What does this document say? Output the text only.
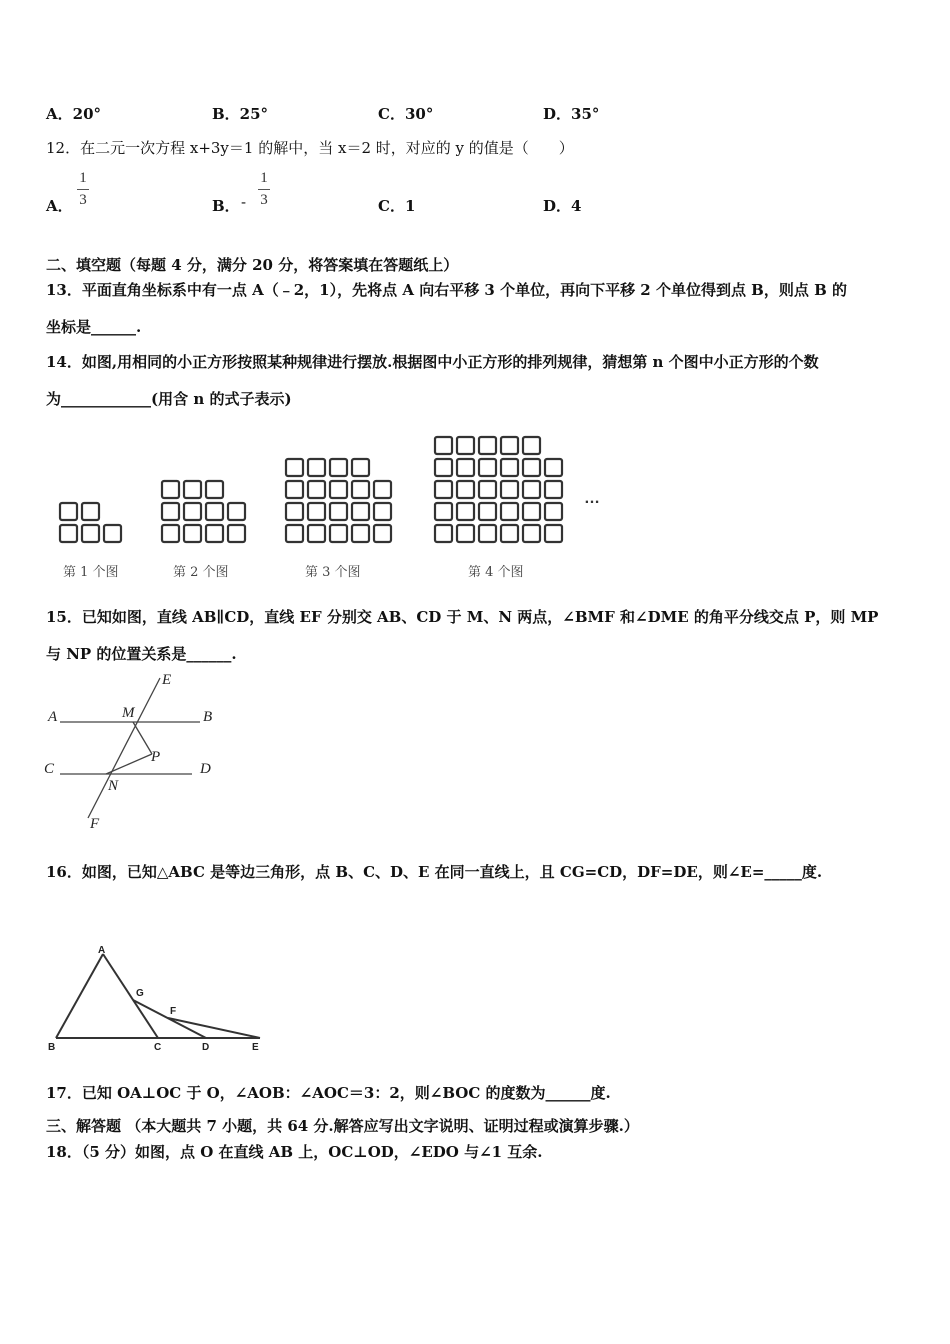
A．20°	B．25°	C．30°	D．35°
12．在二元一次方程 x+3y＝1 的解中，当 x＝2 时，对应的 y 的值是（　　）
A．
1
3	B． -
1
3	C．1	D．4
二、填空题（每题 4 分，满分 20 分，将答案填在答题纸上）
13．平面直角坐标系中有一点 A（﹣2，1），先将点 A 向右平移 3 个单位，再向下平移 2 个单位得到点 B，则点 B 的
坐标是______.
14．如图,用相同的小正方形按照某种规律进行摆放.根据图中小正方形的排列规律，猜想第 n 个图中小正方形的个数
为____________(用含 n 的式子表示)
…
第 1 个图	第 2 个图	第 3 个图	第 4 个图
15．已知如图，直线 AB∥CD，直线 EF 分别交 AB、CD 于 M、N 两点，∠BMF 和∠DME 的角平分线交点 P，则 MP
与 NP 的位置关系是______.
A	B
C	D
E
F
M
N
P
16．如图，已知△ABC 是等边三角形，点 B、C、D、E 在同一直线上，且 CG=CD，DF=DE，则∠E=_____度.
A
B	C	D	E
F
G
17．已知 OA⊥OC 于 O，∠AOB：∠AOC＝3：2，则∠BOC 的度数为______度.
三、解答题 （本大题共 7 小题，共 64 分.解答应写出文字说明、证明过程或演算步骤.）
18．（5 分）如图，点 O 在直线 AB 上，OC⊥OD，∠EDO 与∠1 互余.
